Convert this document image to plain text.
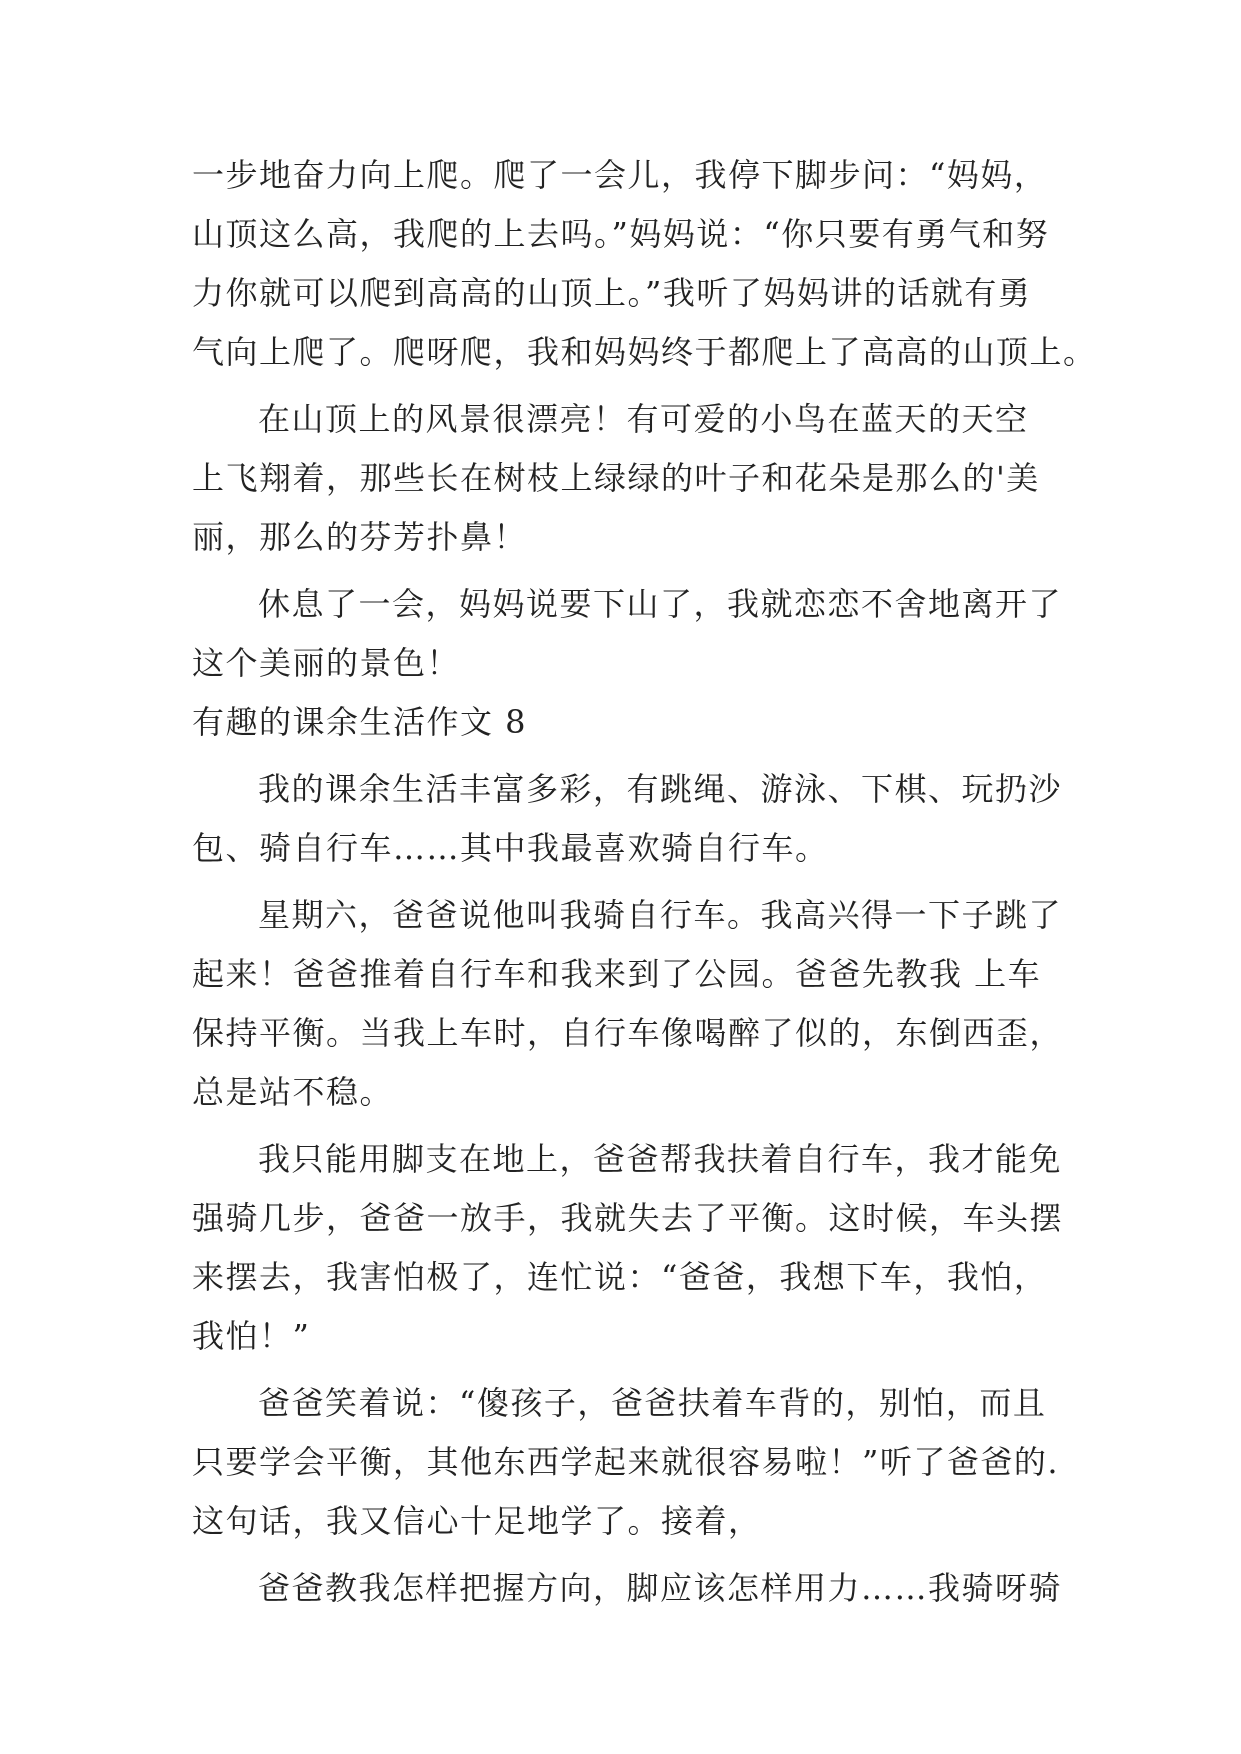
一步地奋力向上爬。爬了一会儿，我停下脚步问：“妈妈，
山顶这么高，我爬的上去吗。”妈妈说：“你只要有勇气和努
力你就可以爬到高高的山顶上。”我听了妈妈讲的话就有勇
气向上爬了。爬呀爬，我和妈妈终于都爬上了高高的山顶上。
在山顶上的风景很漂亮！有可爱的小鸟在蓝天的天空
上飞翔着，那些长在树枝上绿绿的叶子和花朵是那么的'美
丽，那么的芬芳扑鼻！
休息了一会，妈妈说要下山了，我就恋恋不舍地离开了
这个美丽的景色！
有趣的课余生活作文 8
我的课余生活丰富多彩，有跳绳、游泳、下棋、玩扔沙
包、骑自行车……其中我最喜欢骑自行车。
星期六，爸爸说他叫我骑自行车。我高兴得一下子跳了
起来！爸爸推着自行车和我来到了公园。爸爸先教我 上车
保持平衡。当我上车时，自行车像喝醉了似的，东倒西歪，
总是站不稳。
我只能用脚支在地上，爸爸帮我扶着自行车，我才能免
强骑几步，爸爸一放手，我就失去了平衡。这时候，车头摆
来摆去，我害怕极了，连忙说：“爸爸，我想下车，我怕，
我怕！”
爸爸笑着说：“傻孩子，爸爸扶着车背的，别怕，而且
只要学会平衡，其他东西学起来就很容易啦！”听了爸爸的.
这句话，我又信心十足地学了。接着，
爸爸教我怎样把握方向，脚应该怎样用力……我骑呀骑
